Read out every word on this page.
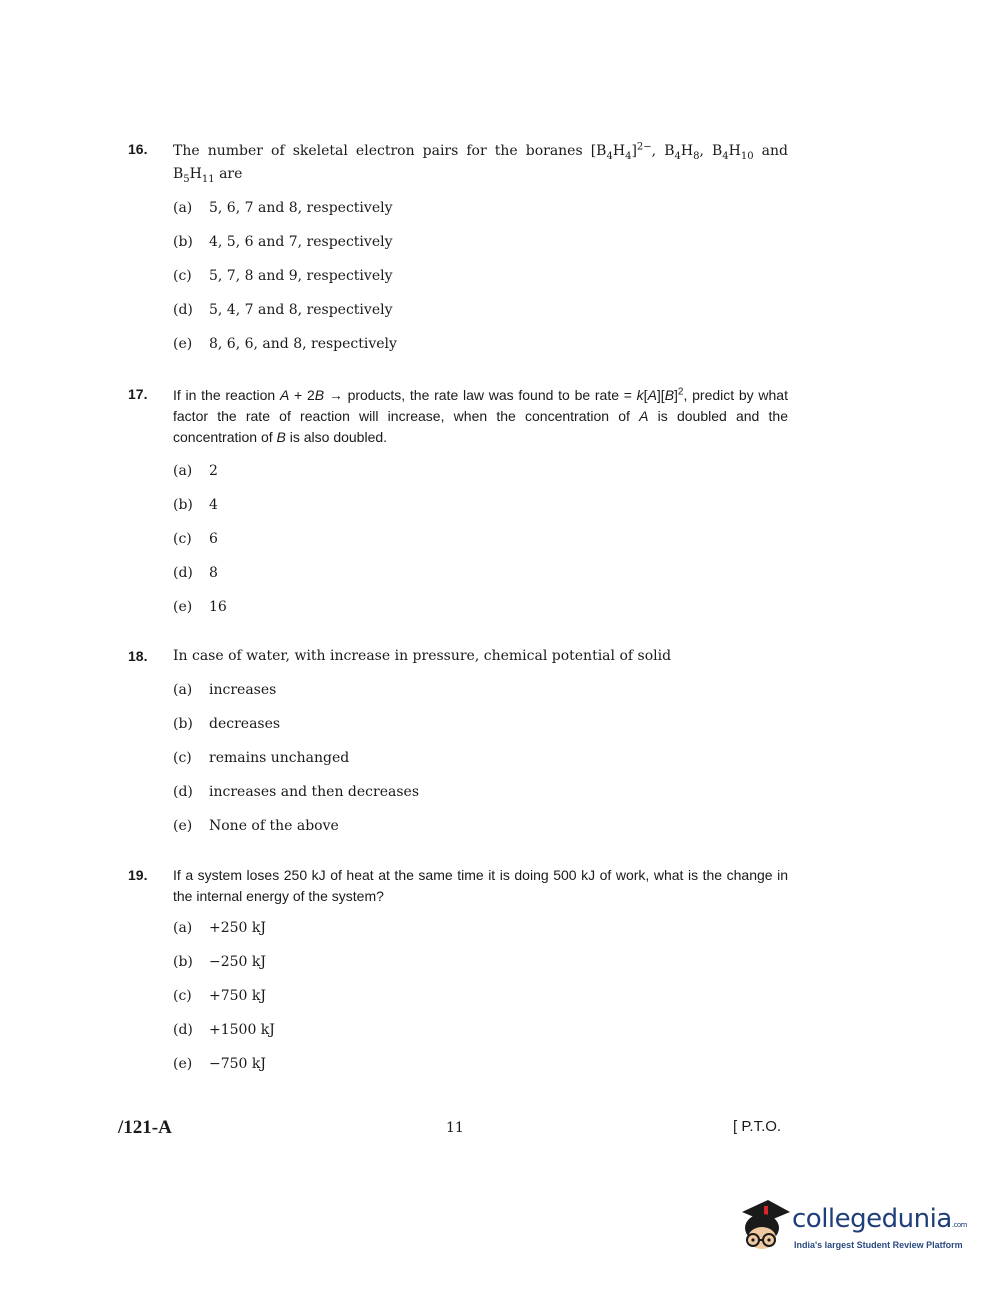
16. The number of skeletal electron pairs for the boranes $[B_4H_4]^{2-}$, $B_4H_8$, $B_4H_{10}$ and $B_5H_{11}$ are
(a) 5, 6, 7 and 8, respectively
(b) 4, 5, 6 and 7, respectively
(c) 5, 7, 8 and 9, respectively
(d) 5, 4, 7 and 8, respectively
(e) 8, 6, 6, and 8, respectively
17. If in the reaction A + 2B → products, the rate law was found to be rate = $k[A][B]^2$, predict by what factor the rate of reaction will increase, when the concentration of A is doubled and the concentration of B is also doubled.
(a) 2
(b) 4
(c) 6
(d) 8
(e) 16
18. In case of water, with increase in pressure, chemical potential of solid
(a) increases
(b) decreases
(c) remains unchanged
(d) increases and then decreases
(e) None of the above
19. If a system loses 250 kJ of heat at the same time it is doing 500 kJ of work, what is the change in the internal energy of the system?
(a) +250 kJ
(b) −250 kJ
(c) +750 kJ
(d) +1500 kJ
(e) −750 kJ
/121-A	11	[ P.T.O.
collegedunia.com
India's largest Student Review Platform
